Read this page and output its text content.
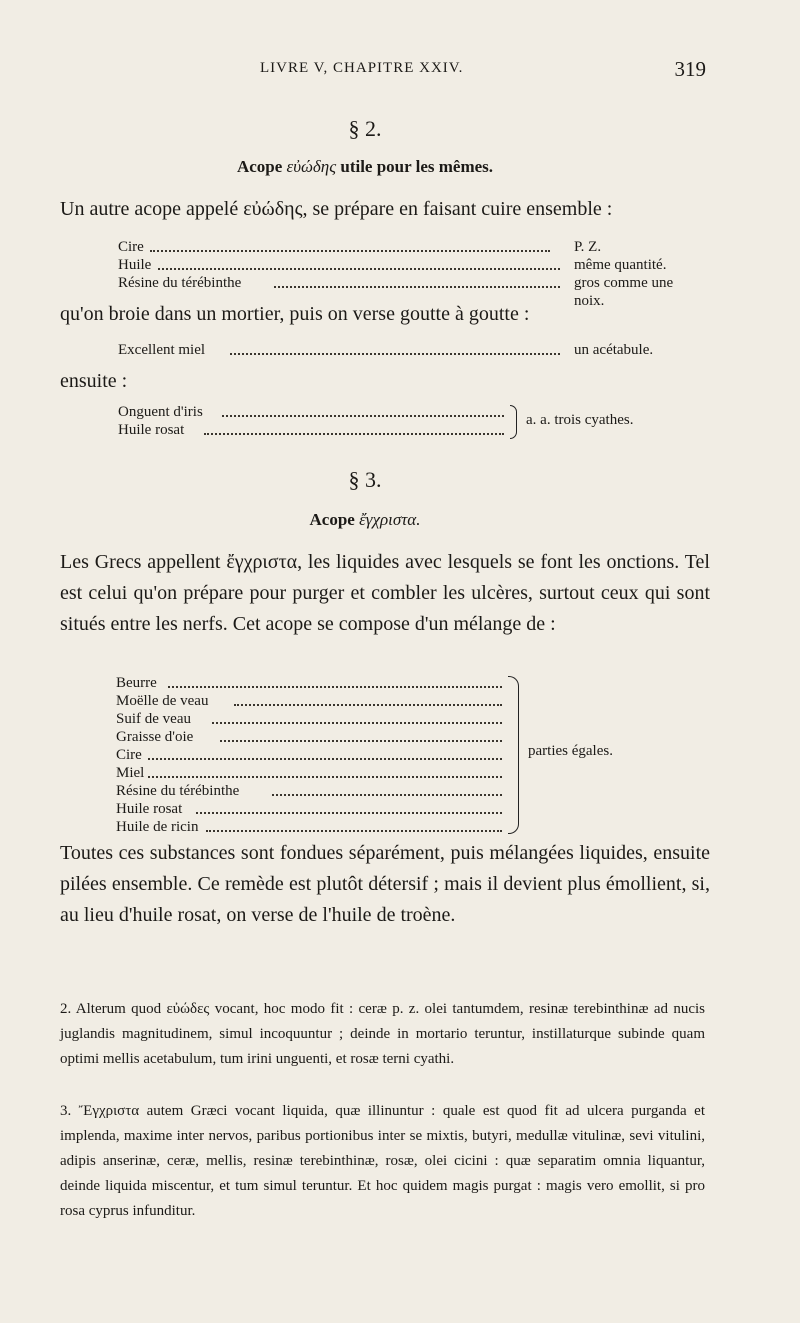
LIVRE V, CHAPITRE XXIV.	319
§ 2.
Acope εὐώδης utile pour les mêmes.
Un autre acope appelé εὐώδης, se prépare en faisant cuire ensemble :
Cire	P. Z.
Huile	même quantité.
Résine du térébinthe	gros comme une noix.
qu'on broie dans un mortier, puis on verse goutte à goutte :
Excellent miel	un acétabule.
ensuite :
Onguent d'iris
Huile rosat
a. a. trois cyathes.
§ 3.
Acope ἔγχριστα.
Les Grecs appellent ἔγχριστα, les liquides avec lesquels se font les onctions. Tel est celui qu'on prépare pour purger et combler les ulcères, surtout ceux qui sont situés entre les nerfs. Cet acope se compose d'un mélange de :
Beurre
Moëlle de veau
Suif de veau
Graisse d'oie
Cire
Miel
Résine du térébinthe
Huile rosat
Huile de ricin
parties égales.
Toutes ces substances sont fondues séparément, puis mélangées liquides, ensuite pilées ensemble. Ce remède est plutôt détersif ; mais il devient plus émollient, si, au lieu d'huile rosat, on verse de l'huile de troène.
2. Alterum quod εὐώδες vocant, hoc modo fit : ceræ p. z. olei tantumdem, resinæ terebinthinæ ad nucis juglandis magnitudinem, simul incoquuntur ; deinde in mortario teruntur, instillaturque subinde quam optimi mellis acetabulum, tum irini unguenti, et rosæ terni cyathi.
3. Ἔγχριστα autem Græci vocant liquida, quæ illinuntur : quale est quod fit ad ulcera purganda et implenda, maxime inter nervos, paribus portionibus inter se mixtis, butyri, medullæ vitulinæ, sevi vitulini, adipis anserinæ, ceræ, mellis, resinæ terebinthinæ, rosæ, olei cicini : quæ separatim omnia liquantur, deinde liquida miscentur, et tum simul teruntur. Et hoc quidem magis purgat : magis vero emollit, si pro rosa cyprus infunditur.
